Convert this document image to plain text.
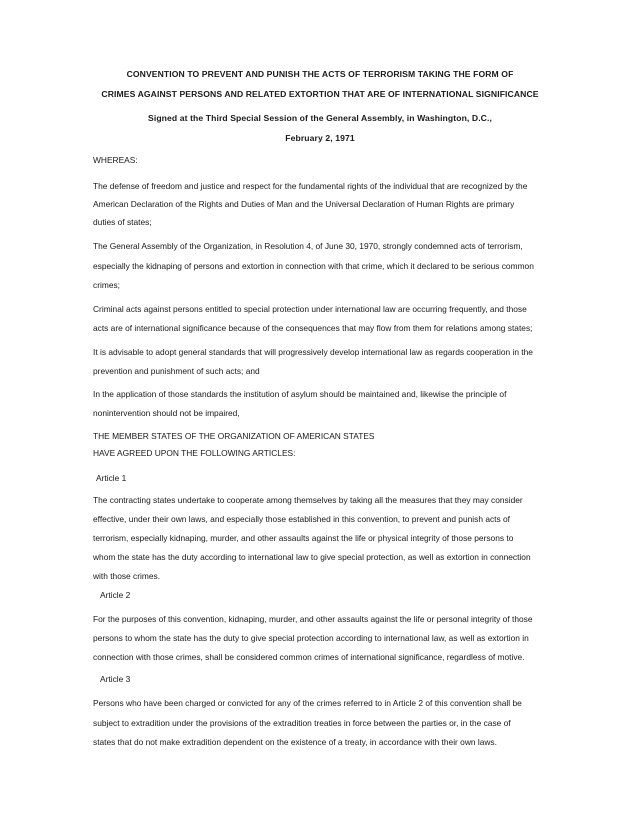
CONVENTION TO PREVENT AND PUNISH THE ACTS OF TERRORISM TAKING THE FORM OF
CRIMES AGAINST PERSONS AND RELATED EXTORTION THAT ARE OF INTERNATIONAL SIGNIFICANCE
Signed at the Third Special Session of the General Assembly, in Washington, D.C.,
February 2, 1971
WHEREAS:
The defense of freedom and justice and respect for the fundamental rights of the individual that are recognized by the
American Declaration of the Rights and Duties of Man and the Universal Declaration of Human Rights are primary
duties of states;
The General Assembly of the Organization, in Resolution 4, of June 30, 1970, strongly condemned acts of terrorism,
especially the kidnaping of persons and extortion in connection with that crime, which it declared to be serious common
crimes;
Criminal acts against persons entitled to special protection under international law are occurring frequently, and those
acts are of international significance because of the consequences that may flow from them for relations among states;
It is advisable to adopt general standards that will progressively develop international law as regards cooperation in the
prevention and punishment of such acts; and
In the application of those standards the institution of asylum should be maintained and, likewise the principle of
nonintervention should not be impaired,
THE MEMBER STATES OF THE ORGANIZATION OF AMERICAN STATES
HAVE AGREED UPON THE FOLLOWING ARTICLES:
Article 1
The contracting states undertake to cooperate among themselves by taking all the measures that they may consider
effective, under their own laws, and especially those established in this convention, to prevent and punish acts of
terrorism, especially kidnaping, murder, and other assaults against the life or physical integrity of those persons to
whom the state has the duty according to international law to give special protection, as well as extortion in connection
with those crimes.
Article 2
For the purposes of this convention, kidnaping, murder, and other assaults against the life or personal integrity of those
persons to whom the state has the duty to give special protection according to international law, as well as extortion in
connection with those crimes, shall be considered common crimes of international significance, regardless of motive.
Article 3
Persons who have been charged or convicted for any of the crimes referred to in Article 2 of this convention shall be
subject to extradition under the provisions of the extradition treaties in force between the parties or, in the case of
states that do not make extradition dependent on the existence of a treaty, in accordance with their own laws.
